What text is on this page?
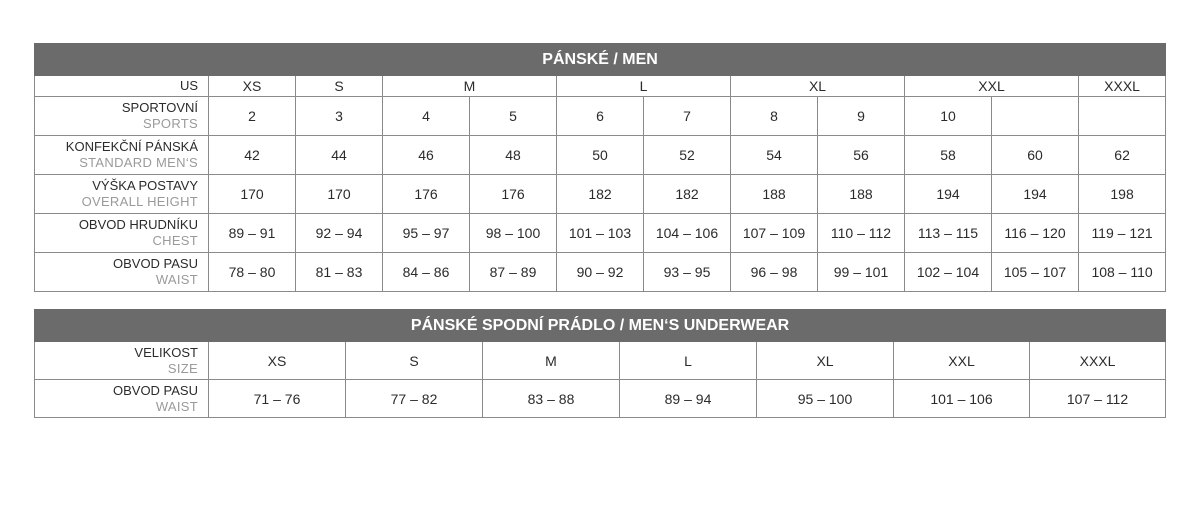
PÁNSKÉ / MEN											
US	XS	S	M		L		XL		XXL		XXXL

SPORTOVNÍ
SPORTS	2	3	4	5	6	7	8	9	10		

KONFEKČNÍ PÁNSKÁ
STANDARD MEN‘S	42	44	46	48	50	52	54	56	58	60	62

VÝŠKA POSTAVY
OVERALL HEIGHT	170	170	176	176	182	182	188	188	194	194	198

OBVOD HRUDNÍKU
CHEST	89 – 91	92 – 94	95 – 97	98 – 100	101 – 103	104 – 106	107 – 109	110 – 112	113 – 115	116 – 120	119 – 121

OBVOD PASU
WAIST	78 – 80	81 – 83	84 – 86	87 – 89	90 – 92	93 – 95	96 – 98	99 – 101	102 – 104	105 – 107	108 – 110
PÁNSKÉ SPODNÍ PRÁDLO / MEN‘S UNDERWEAR							

VELIKOST
SIZE	XS	S	M	L	XL	XXL	XXXL

OBVOD PASU
WAIST	71 – 76	77 – 82	83 – 88	89 – 94	95 – 100	101 – 106	107 – 112
